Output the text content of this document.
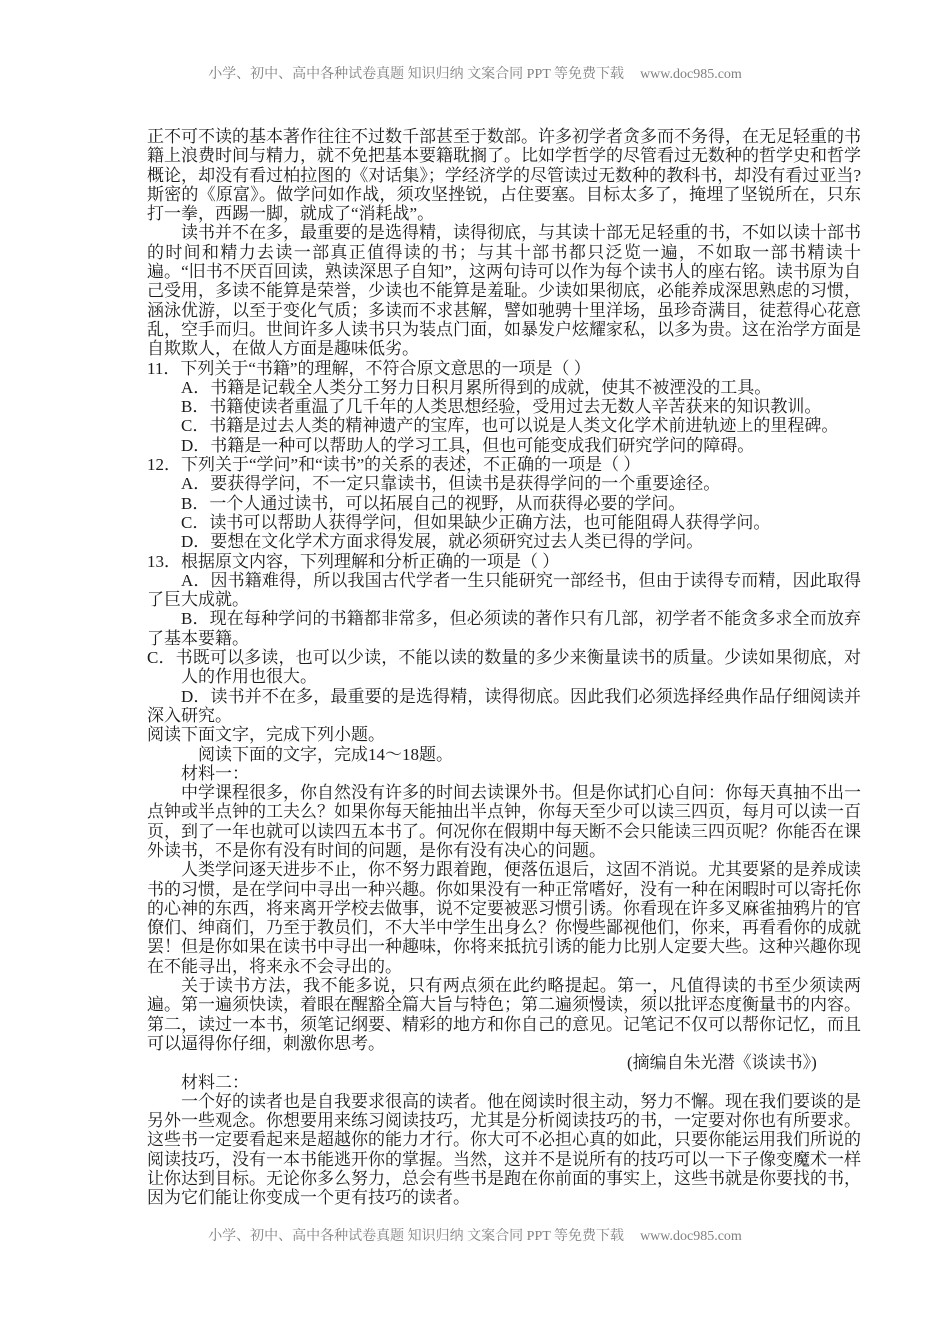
小学、初中、高中各种试卷真题 知识归纳 文案合同 PPT 等免费下载 www.doc985.com

正不可不读的基本著作往往不过数千部甚至于数部。许多初学者贪多而不务得，在无足轻重的书籍上浪费时间与精力，就不免把基本要籍耽搁了。比如学哲学的尽管看过无数种的哲学史和哲学概论，却没有看过柏拉图的《对话集》；学经济学的尽管读过无数种的教科书，却没有看过亚当?斯密的《原富》。做学问如作战，须攻坚挫锐，占住要塞。目标太多了，掩埋了坚锐所在，只东打一拳，西踢一脚，就成了“消耗战”。

读书并不在多，最重要的是选得精，读得彻底，与其读十部无足轻重的书，不如以读十部书的时间和精力去读一部真正值得读的书；与其十部书都只泛览一遍，不如取一部书精读十遍。“旧书不厌百回读，熟读深思子自知”，这两句诗可以作为每个读书人的座右铭。读书原为自己受用，多读不能算是荣誉，少读也不能算是羞耻。少读如果彻底，必能养成深思熟虑的习惯，涵泳优游，以至于变化气质；多读而不求甚解，譬如驰骋十里洋场，虽珍奇满目，徒惹得心花意乱，空手而归。世间许多人读书只为装点门面，如暴发户炫耀家私，以多为贵。这在治学方面是自欺欺人，在做人方面是趣味低劣。

11．下列关于“书籍”的理解，不符合原文意思的一项是（ ）

A．书籍是记载全人类分工努力日积月累所得到的成就，使其不被湮没的工具。

B．书籍使读者重温了几千年的人类思想经验，受用过去无数人辛苦获来的知识教训。

C．书籍是过去人类的精神遗产的宝库，也可以说是人类文化学术前进轨迹上的里程碑。

D．书籍是一种可以帮助人的学习工具，但也可能变成我们研究学问的障碍。

12．下列关于“学问”和“读书”的关系的表述，不正确的一项是（ ）

A．要获得学问，不一定只靠读书，但读书是获得学问的一个重要途径。

B．一个人通过读书，可以拓展自己的视野，从而获得必要的学问。

C．读书可以帮助人获得学问，但如果缺少正确方法，也可能阻碍人获得学问。

D．要想在文化学术方面求得发展，就必须研究过去人类已得的学问。

13．根据原文内容，下列理解和分析正确的一项是（ ）

A．因书籍难得，所以我国古代学者一生只能研究一部经书，但由于读得专而精，因此取得了巨大成就。

B．现在每种学问的书籍都非常多，但必须读的著作只有几部，初学者不能贪多求全而放弃了基本要籍。

C．书既可以多读，也可以少读，不能以读的数量的多少来衡量读书的质量。少读如果彻底，对人的作用也很大。

D．读书并不在多，最重要的是选得精，读得彻底。因此我们必须选择经典作品仔细阅读并深入研究。

阅读下面文字，完成下列小题。

阅读下面的文字，完成14～18题。

材料一：

中学课程很多，你自然没有许多的时间去读课外书。但是你试扪心自问：你每天真抽不出一点钟或半点钟的工夫么？如果你每天能抽出半点钟，你每天至少可以读三四页，每月可以读一百页，到了一年也就可以读四五本书了。何况你在假期中每天断不会只能读三四页呢？你能否在课外读书，不是你有没有时间的问题，是你有没有决心的问题。

人类学问逐天进步不止，你不努力跟着跑，便落伍退后，这固不消说。尤其要紧的是养成读书的习惯，是在学问中寻出一种兴趣。你如果没有一种正常嗜好，没有一种在闲暇时可以寄托你的心神的东西，将来离开学校去做事，说不定要被恶习惯引诱。你看现在许多叉麻雀抽鸦片的官僚们、绅商们，乃至于教员们，不大半中学生出身么？你慢些鄙视他们，你来，再看看你的成就罢！但是你如果在读书中寻出一种趣味，你将来抵抗引诱的能力比别人定要大些。这种兴趣你现在不能寻出，将来永不会寻出的。

关于读书方法，我不能多说，只有两点须在此约略提起。第一，凡值得读的书至少须读两遍。第一遍须快读，着眼在醒豁全篇大旨与特色；第二遍须慢读，须以批评态度衡量书的内容。第二，读过一本书，须笔记纲要、精彩的地方和你自己的意见。记笔记不仅可以帮你记忆，而且可以逼得你仔细，刺激你思考。

(摘编自朱光潜《谈读书》)

材料二：

一个好的读者也是自我要求很高的读者。他在阅读时很主动，努力不懈。现在我们要谈的是另外一些观念。你想要用来练习阅读技巧，尤其是分析阅读技巧的书，一定要对你也有所要求。这些书一定要看起来是超越你的能力才行。你大可不必担心真的如此，只要你能运用我们所说的阅读技巧，没有一本书能逃开你的掌握。当然，这并不是说所有的技巧可以一下子像变魔术一样让你达到目标。无论你多么努力，总会有些书是跑在你前面的事实上，这些书就是你要找的书，因为它们能让你变成一个更有技巧的读者。

小学、初中、高中各种试卷真题 知识归纳 文案合同 PPT 等免费下载 www.doc985.com
